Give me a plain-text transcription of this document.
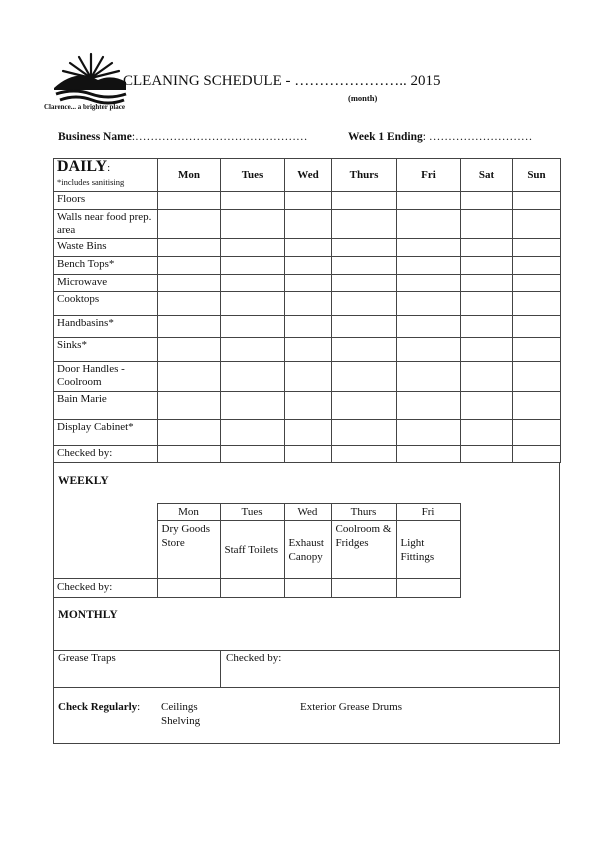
Clarence... a brighter place
CLEANING SCHEDULE - ………………….. 2015
(month)
Business Name:………………………………………	Week 1 Ending: ………………………
DAILY:
*includes sanitising	Mon	Tues	Wed	Thurs	Fri	Sat	Sun
Floors							
Walls near food prep. area							
Waste Bins							
Bench Tops*							
Microwave							
Cooktops							
Handbasins*							
Sinks*							
Door Handles - Coolroom							
Bain Marie							
Display Cabinet*							
Checked by:							
WEEKLY
	Mon	Tues	Wed	Thurs	Fri
	Dry Goods Store	Staff Toilets	Exhaust Canopy	Coolroom & Fridges	Light Fittings
Checked by:					
MONTHLY
Grease Traps	Checked by:
Check Regularly: Ceilings
Shelving
Exterior Grease Drums
